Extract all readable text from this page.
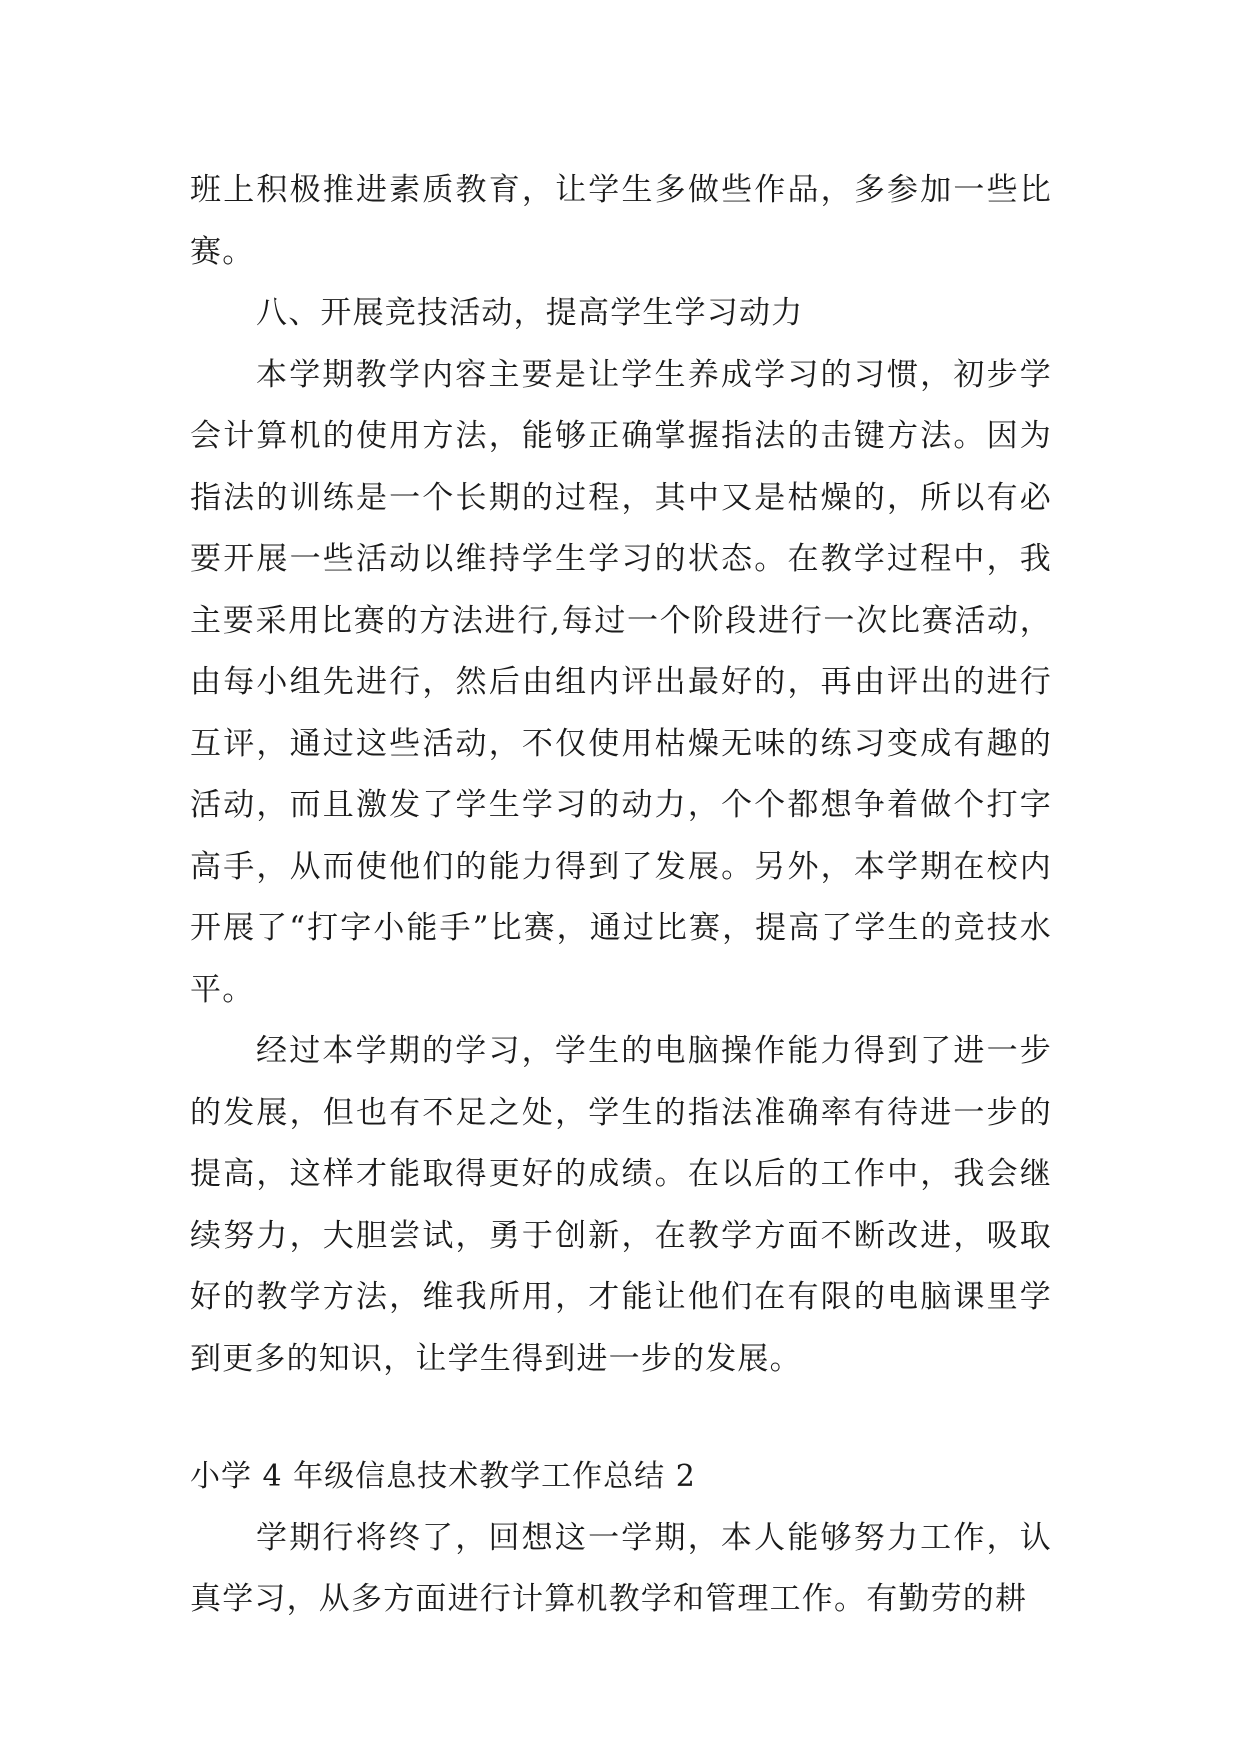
班上积极推进素质教育，让学生多做些作品，多参加一些比赛。

八、开展竞技活动，提高学生学习动力

本学期教学内容主要是让学生养成学习的习惯，初步学会计算机的使用方法，能够正确掌握指法的击键方法。因为指法的训练是一个长期的过程，其中又是枯燥的，所以有必要开展一些活动以维持学生学习的状态。在教学过程中，我主要采用比赛的方法进行,每过一个阶段进行一次比赛活动，由每小组先进行，然后由组内评出最好的，再由评出的进行互评，通过这些活动，不仅使用枯燥无味的练习变成有趣的活动，而且激发了学生学习的动力，个个都想争着做个打字高手，从而使他们的能力得到了发展。另外，本学期在校内开展了“打字小能手”比赛，通过比赛，提高了学生的竞技水平。

经过本学期的学习，学生的电脑操作能力得到了进一步的发展，但也有不足之处，学生的指法准确率有待进一步的提高，这样才能取得更好的成绩。在以后的工作中，我会继续努力，大胆尝试，勇于创新，在教学方面不断改进，吸取好的教学方法，维我所用，才能让他们在有限的电脑课里学到更多的知识，让学生得到进一步的发展。

小学 4 年级信息技术教学工作总结 2

学期行将终了，回想这一学期，本人能够努力工作，认真学习，从多方面进行计算机教学和管理工作。有勤劳的耕
